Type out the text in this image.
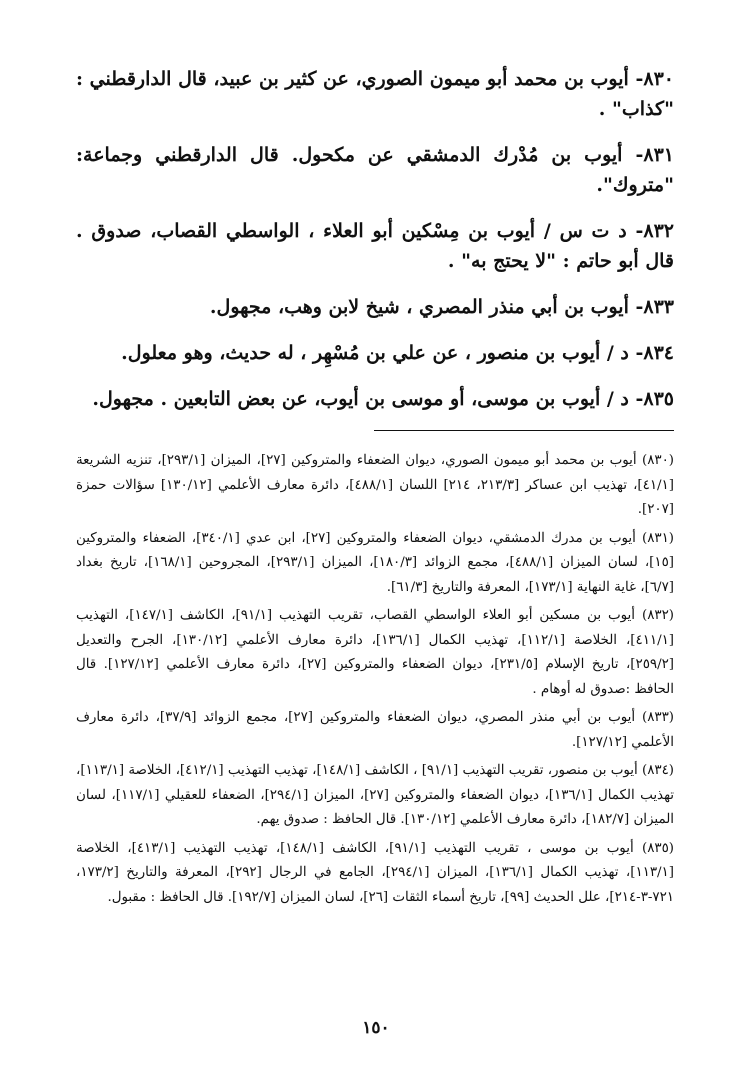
٨٣٠- أيوب بن محمد أبو ميمون الصوري، عن كثير بن عبيد، قال الدارقطني : "كذاب" .

٨٣١- أيوب بن مُدْرك الدمشقي عن مكحول. قال الدارقطني وجماعة: "متروك".

٨٣٢- د ت س / أيوب بن مِسْكين أبو العلاء ، الواسطي القصاب، صدوق . قال أبو حاتم : "لا يحتج به" .

٨٣٣- أيوب بن أبي منذر المصري ، شيخ لابن وهب، مجهول.

٨٣٤- د / أيوب بن منصور ، عن علي بن مُسْهِر ، له حديث، وهو معلول.

٨٣٥- د / أيوب بن موسى، أو موسى بن أيوب، عن بعض التابعين . مجهول.

(٨٣٠) أيوب بن محمد أبو ميمون الصوري، ديوان الضعفاء والمتروكين [٢٧]، الميزان [٢٩٣/١]، تنزيه الشريعة [٤١/١]، تهذيب ابن عساكر [٢١٣/٣، ٢١٤] اللسان [٤٨٨/١]، دائرة معارف الأعلمي [١٣٠/١٢] سؤالات حمزة [٢٠٧].

(٨٣١) أيوب بن مدرك الدمشقي، ديوان الضعفاء والمتروكين [٢٧]، ابن عدي [٣٤٠/١]، الضعفاء والمتروكين [١٥]، لسان الميزان [٤٨٨/١]، مجمع الزوائد [١٨٠/٣]، الميزان [٢٩٣/١]، المجروحين [١٦٨/١]، تاريخ بغداد [٦/٧]، غاية النهاية [١٧٣/١]، المعرفة والتاريخ [٦١/٣].

(٨٣٢) أيوب بن مسكين أبو العلاء الواسطي القصاب، تقريب التهذيب [٩١/١]، الكاشف [١٤٧/١]، التهذيب [٤١١/١]، الخلاصة [١١٢/١]، تهذيب الكمال [١٣٦/١]، دائرة معارف الأعلمي [١٣٠/١٢]، الجرح والتعديل [٢٥٩/٢]، تاريخ الإسلام [٢٣١/٥]، ديوان الضعفاء والمتروكين [٢٧]، دائرة معارف الأعلمي [١٢٧/١٢]. قال الحافظ :صدوق له أوهام .

(٨٣٣) أيوب بن أبي منذر المصري، ديوان الضعفاء والمتروكين [٢٧]، مجمع الزوائد [٣٧/٩]، دائرة معارف الأعلمي [١٢٧/١٢].

(٨٣٤) أيوب بن منصور، تقريب التهذيب [٩١/١] ، الكاشف [١٤٨/١]، تهذيب التهذيب [٤١٢/١]، الخلاصة [١١٣/١]، تهذيب الكمال [١٣٦/١]، ديوان الضعفاء والمتروكين [٢٧]، الميزان [٢٩٤/١]، الضعفاء للعقيلي [١١٧/١]، لسان الميزان [١٨٢/٧]، دائرة معارف الأعلمي [١٣٠/١٢]. قال الحافظ : صدوق يهم.

(٨٣٥) أيوب بن موسى ، تقريب التهذيب [٩١/١]، الكاشف [١٤٨/١]، تهذيب التهذيب [٤١٣/١]، الخلاصة [١١٣/١]، تهذيب الكمال [١٣٦/١]، الميزان [٢٩٤/١]، الجامع في الرجال [٢٩٢]، المعرفة والتاريخ [١٧٣/٢، ٧٢١-٣-٢١٤]، علل الحديث [٩٩]، تاريخ أسماء الثقات [٢٦]، لسان الميزان [١٩٢/٧]. قال الحافظ : مقبول.

١٥٠
